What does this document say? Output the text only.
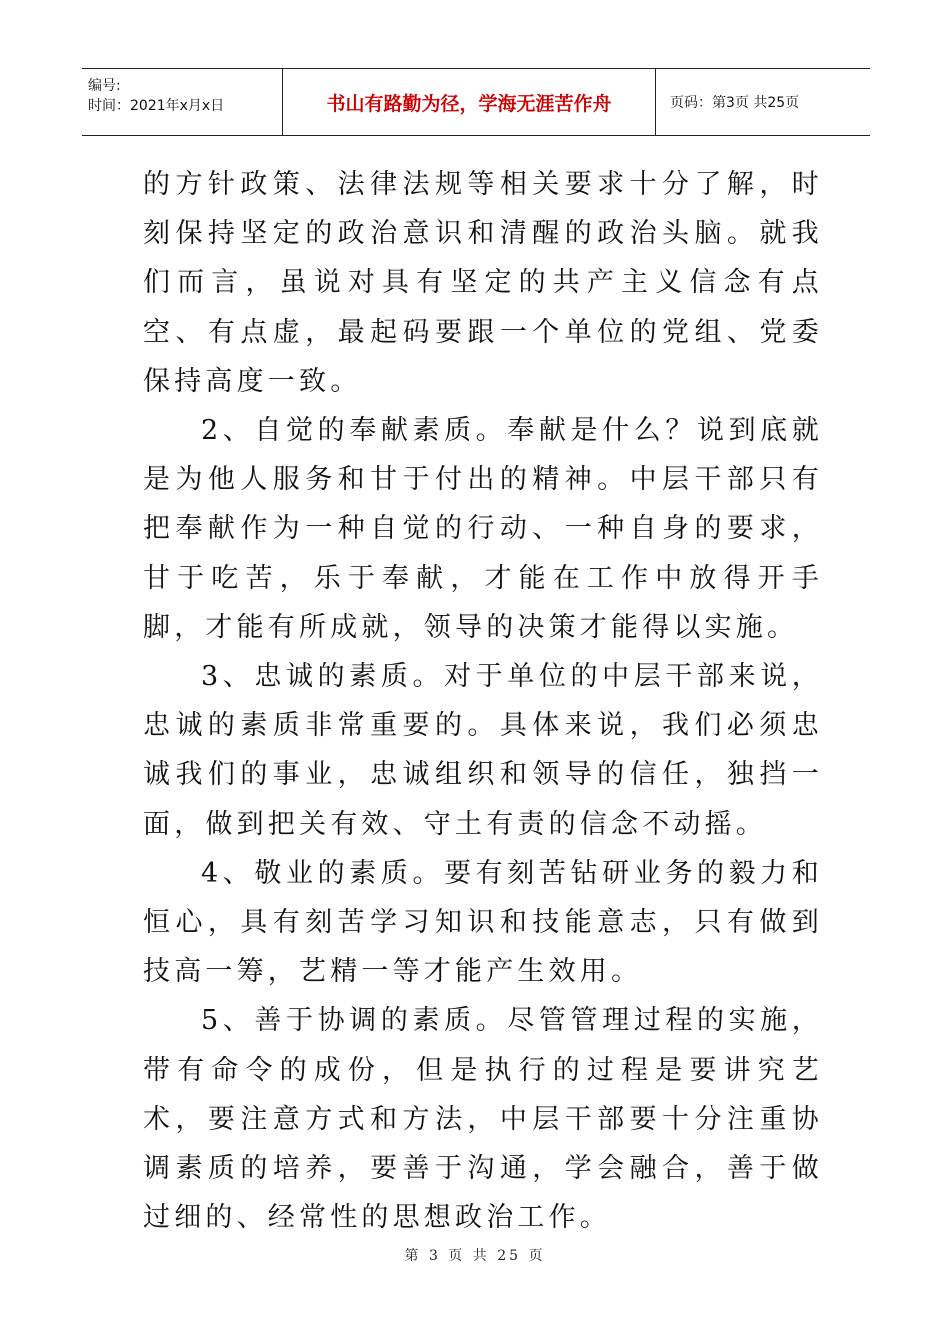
编号:
时间：2021年x月x日	书山有路勤为径，学海无涯苦作舟	页码：第3页 共25页

的方针政策、法律法规等相关要求十分了解，时刻保持坚定的政治意识和清醒的政治头脑。就我们而言，虽说对具有坚定的共产主义信念有点空、有点虚，最起码要跟一个单位的党组、党委保持高度一致。

2、自觉的奉献素质。奉献是什么？说到底就是为他人服务和甘于付出的精神。中层干部只有把奉献作为一种自觉的行动、一种自身的要求，甘于吃苦，乐于奉献，才能在工作中放得开手脚，才能有所成就，领导的决策才能得以实施。

3、忠诚的素质。对于单位的中层干部来说，忠诚的素质非常重要的。具体来说，我们必须忠诚我们的事业，忠诚组织和领导的信任，独挡一面，做到把关有效、守土有责的信念不动摇。

4、敬业的素质。要有刻苦钻研业务的毅力和恒心，具有刻苦学习知识和技能意志，只有做到技高一筹，艺精一等才能产生效用。

5、善于协调的素质。尽管管理过程的实施，带有命令的成份，但是执行的过程是要讲究艺术，要注意方式和方法，中层干部要十分注重协调素质的培养，要善于沟通，学会融合，善于做过细的、经常性的思想政治工作。

第 3 页 共 25 页
